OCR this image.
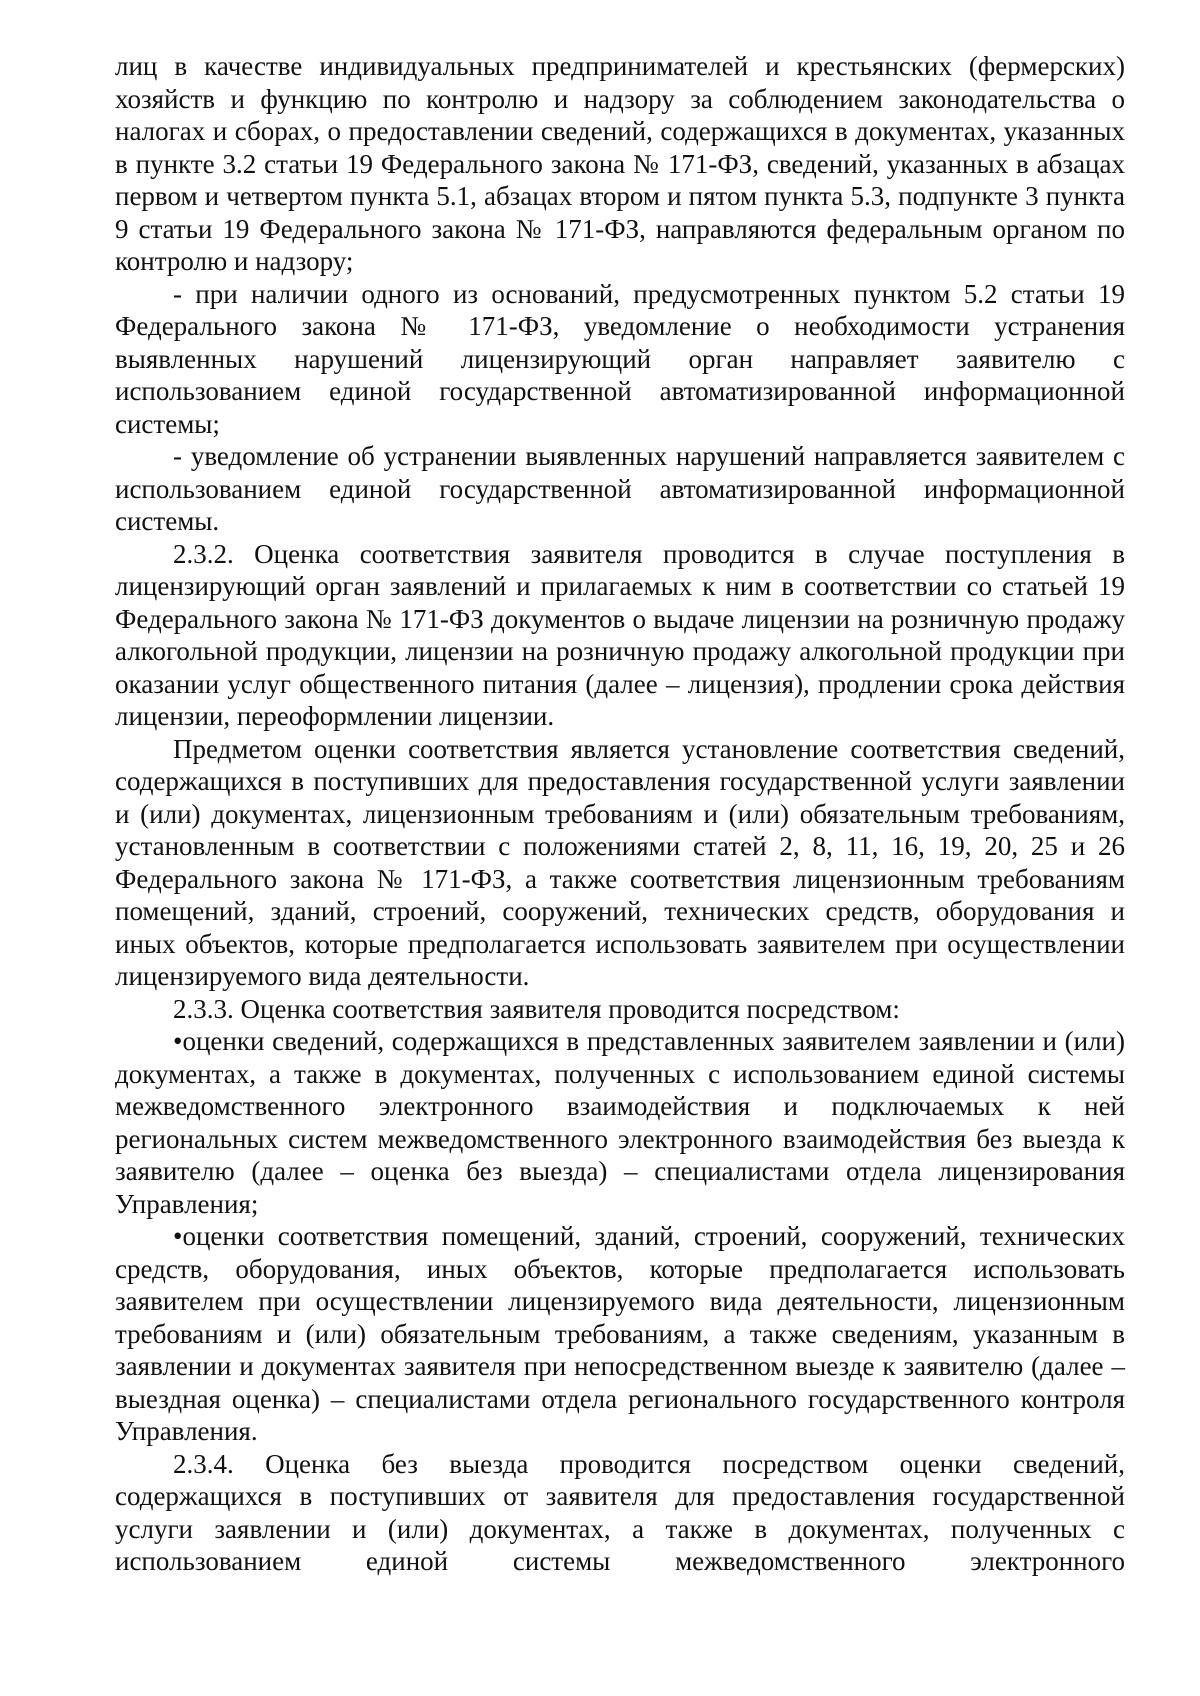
лиц в качестве индивидуальных предпринимателей и крестьянских (фермерских) хозяйств и функцию по контролю и надзору за соблюдением законодательства о налогах и сборах, о предоставлении сведений, содержащихся в документах, указанных в пункте 3.2 статьи 19 Федерального закона № 171-ФЗ, сведений, указанных в абзацах первом и четвертом пункта 5.1, абзацах втором и пятом пункта 5.3, подпункте 3 пункта 9 статьи 19 Федерального закона № 171-ФЗ, направляются федеральным органом по контролю и надзору;

- при наличии одного из оснований, предусмотренных пунктом 5.2 статьи 19 Федерального закона № 171-ФЗ, уведомление о необходимости устранения выявленных нарушений лицензирующий орган направляет заявителю с использованием единой государственной автоматизированной информационной системы;

- уведомление об устранении выявленных нарушений направляется заявителем с использованием единой государственной автоматизированной информационной системы.

2.3.2. Оценка соответствия заявителя проводится в случае поступления в лицензирующий орган заявлений и прилагаемых к ним в соответствии со статьей 19 Федерального закона № 171-ФЗ документов о выдаче лицензии на розничную продажу алкогольной продукции, лицензии на розничную продажу алкогольной продукции при оказании услуг общественного питания (далее – лицензия), продлении срока действия лицензии, переоформлении лицензии.

Предметом оценки соответствия является установление соответствия сведений, содержащихся в поступивших для предоставления государственной услуги заявлении и (или) документах, лицензионным требованиям и (или) обязательным требованиям, установленным в соответствии с положениями статей 2, 8, 11, 16, 19, 20, 25 и 26 Федерального закона № 171-ФЗ, а также соответствия лицензионным требованиям помещений, зданий, строений, сооружений, технических средств, оборудования и иных объектов, которые предполагается использовать заявителем при осуществлении лицензируемого вида деятельности.

2.3.3. Оценка соответствия заявителя проводится посредством:

•оценки сведений, содержащихся в представленных заявителем заявлении и (или) документах, а также в документах, полученных с использованием единой системы межведомственного электронного взаимодействия и подключаемых к ней региональных систем межведомственного электронного взаимодействия без выезда к заявителю (далее – оценка без выезда) – специалистами отдела лицензирования Управления;

•оценки соответствия помещений, зданий, строений, сооружений, технических средств, оборудования, иных объектов, которые предполагается использовать заявителем при осуществлении лицензируемого вида деятельности, лицензионным требованиям и (или) обязательным требованиям, а также сведениям, указанным в заявлении и документах заявителя при непосредственном выезде к заявителю (далее – выездная оценка) – специалистами отдела регионального государственного контроля Управления.

2.3.4. Оценка без выезда проводится посредством оценки сведений, содержащихся в поступивших от заявителя для предоставления государственной услуги заявлении и (или) документах, а также в документах, полученных с использованием единой системы межведомственного электронного
